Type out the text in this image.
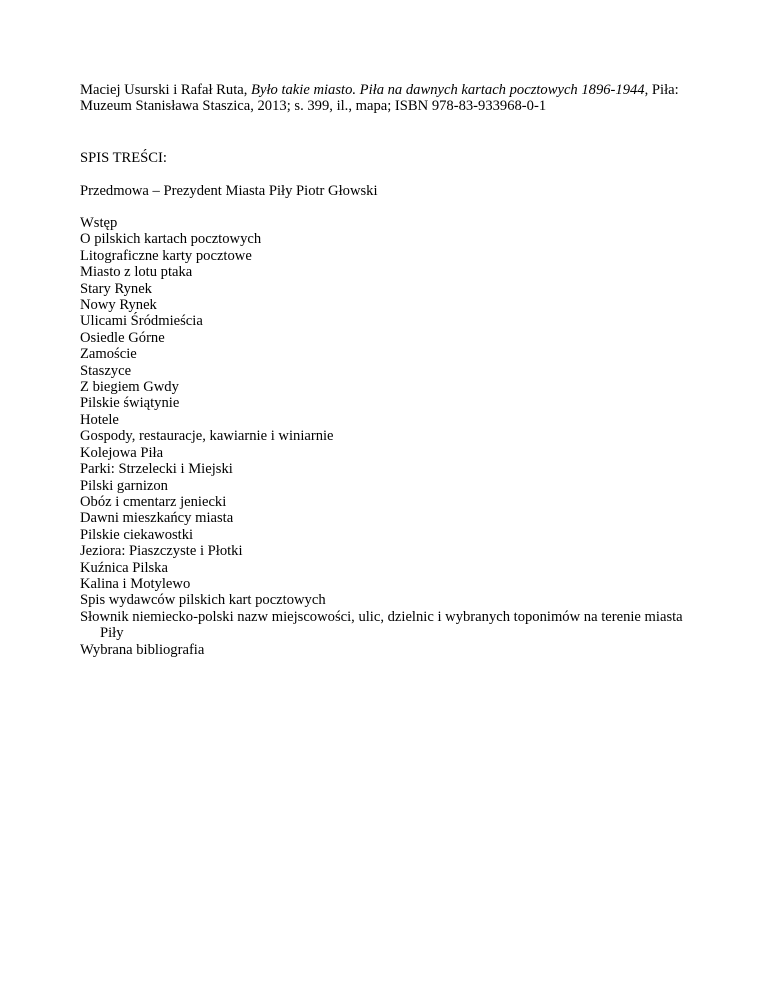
Maciej Usurski i Rafał Ruta, Było takie miasto. Piła na dawnych kartach pocztowych 1896-1944, Piła: Muzeum Stanisława Staszica, 2013; s. 399, il., mapa; ISBN 978-83-933968-0-1

SPIS TREŚCI:

Przedmowa – Prezydent Miasta Piły Piotr Głowski

Wstęp
O pilskich kartach pocztowych
Litograficzne karty pocztowe
Miasto z lotu ptaka
Stary Rynek
Nowy Rynek
Ulicami Śródmieścia
Osiedle Górne
Zamoście
Staszyce
Z biegiem Gwdy
Pilskie świątynie
Hotele
Gospody, restauracje, kawiarnie i winiarnie
Kolejowa Piła
Parki: Strzelecki i Miejski
Pilski garnizon
Obóz i cmentarz jeniecki
Dawni mieszkańcy miasta
Pilskie ciekawostki
Jeziora: Piaszczyste i Płotki
Kuźnica Pilska
Kalina i Motylewo
Spis wydawców pilskich kart pocztowych
Słownik niemiecko-polski nazw miejscowości, ulic, dzielnic i wybranych toponimów na terenie miasta Piły
Wybrana bibliografia
